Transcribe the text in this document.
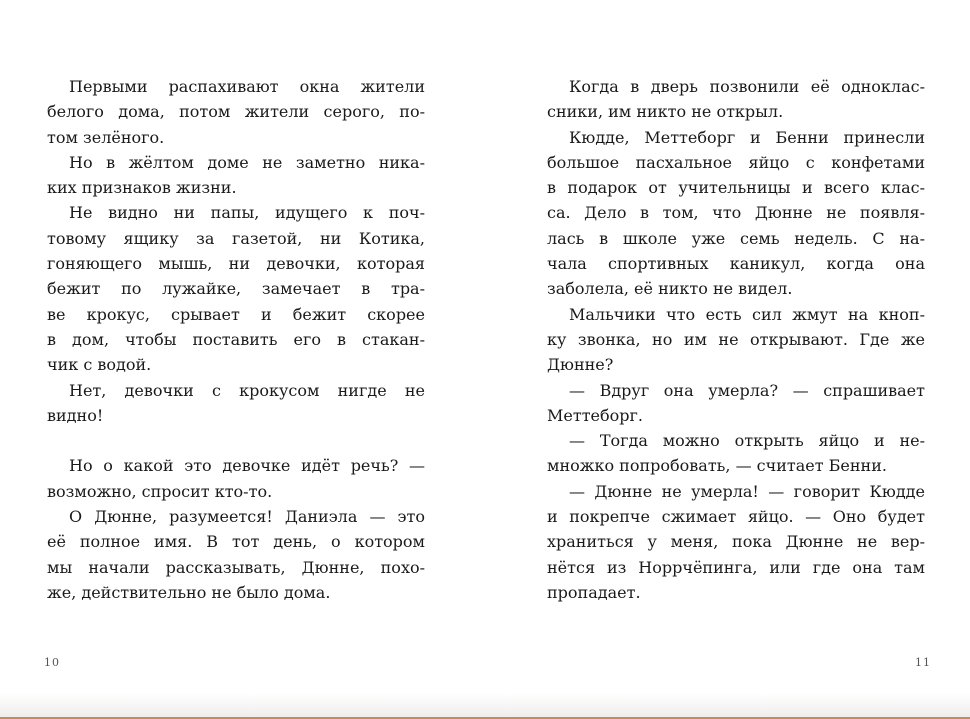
Первыми распахивают окна жители
белого дома, потом жители серого, по-
том зелёного.
Но в жёлтом доме не заметно ника-
ких признаков жизни.
Не видно ни папы, идущего к поч-
товому ящику за газетой, ни Котика,
гоняющего мышь, ни девочки, которая
бежит по лужайке, замечает в тра-
ве крокус, срывает и бежит скорее
в дом, чтобы поставить его в стакан-
чик с водой.
Нет, девочки с крокусом нигде не
видно!
Но о какой это девочке идёт речь? —
возможно, спросит кто-то.
О Дюнне, разумеется! Даниэла — это
её полное имя. В тот день, о котором
мы начали рассказывать, Дюнне, похо-
же, действительно не было дома.
10
Когда в дверь позвонили её одноклас-
сники, им никто не открыл.
Кюдде, Меттеборг и Бенни принесли
большое пасхальное яйцо с конфетами
в подарок от учительницы и всего клас-
са. Дело в том, что Дюнне не появля-
лась в школе уже семь недель. С на-
чала спортивных каникул, когда она
заболела, её никто не видел.
Мальчики что есть сил жмут на кноп-
ку звонка, но им не открывают. Где же
Дюнне?
— Вдруг она умерла? — спрашивает
Меттеборг.
— Тогда можно открыть яйцо и не-
множко попробовать, — считает Бенни.
— Дюнне не умерла! — говорит Кюдде
и покрепче сжимает яйцо. — Оно будет
храниться у меня, пока Дюнне не вер-
нётся из Норрчёпинга, или где она там
пропадает.
11
